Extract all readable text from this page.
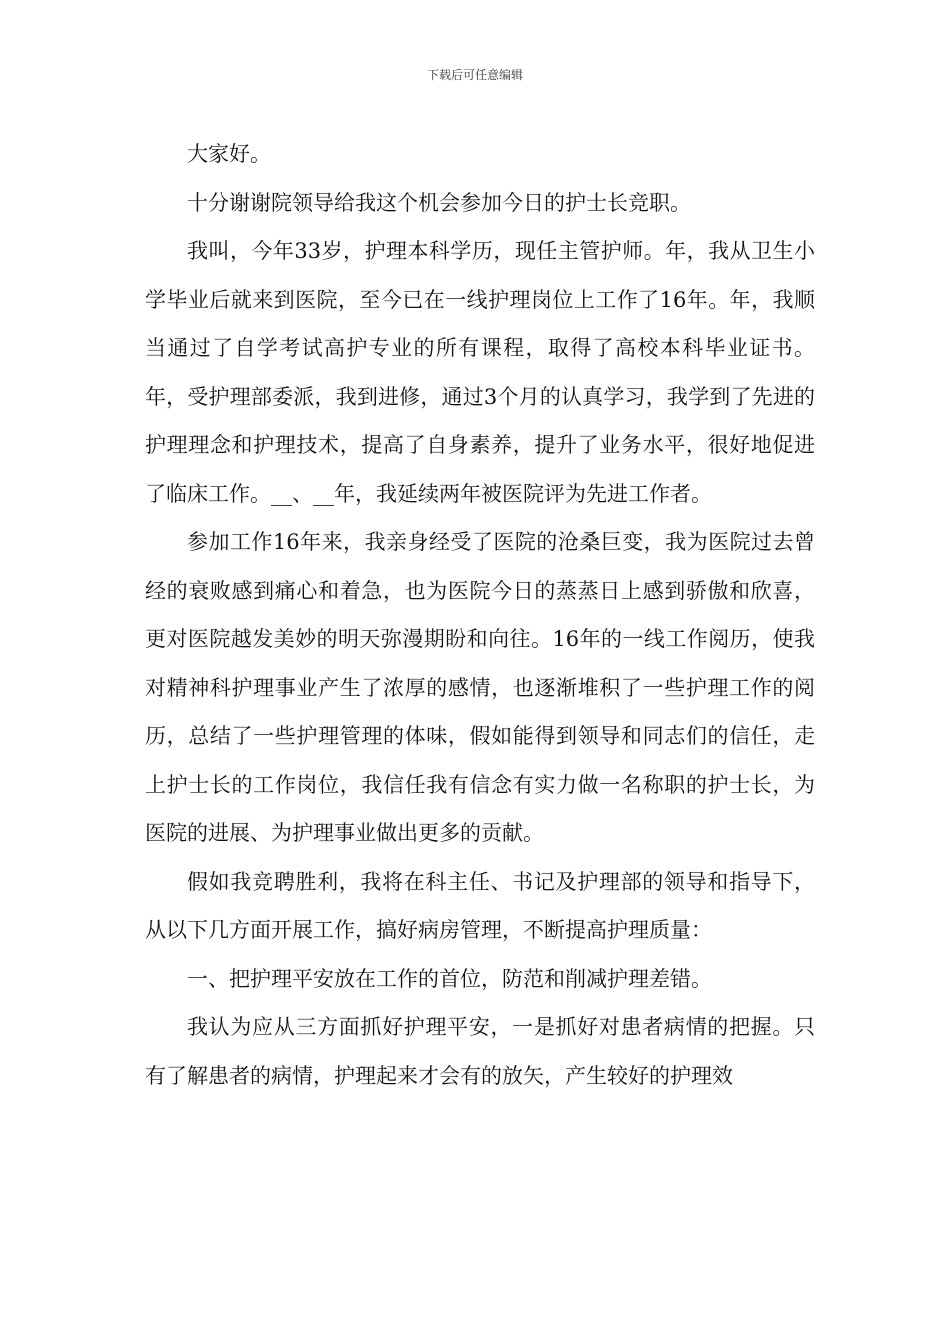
下载后可任意编辑

大家好。

十分谢谢院领导给我这个机会参加今日的护士长竞职。

我叫，今年33岁，护理本科学历，现任主管护师。年，我从卫生小学毕业后就来到医院，至今已在一线护理岗位上工作了16年。年，我顺当通过了自学考试高护专业的所有课程，取得了高校本科毕业证书。年，受护理部委派，我到进修，通过3个月的认真学习，我学到了先进的护理理念和护理技术，提高了自身素养，提升了业务水平，很好地促进了临床工作。__、__年，我延续两年被医院评为先进工作者。

参加工作16年来，我亲身经受了医院的沧桑巨变，我为医院过去曾经的衰败感到痛心和着急，也为医院今日的蒸蒸日上感到骄傲和欣喜，更对医院越发美妙的明天弥漫期盼和向往。16年的一线工作阅历，使我对精神科护理事业产生了浓厚的感情，也逐渐堆积了一些护理工作的阅历，总结了一些护理管理的体味，假如能得到领导和同志们的信任，走上护士长的工作岗位，我信任我有信念有实力做一名称职的护士长，为医院的进展、为护理事业做出更多的贡献。

假如我竞聘胜利，我将在科主任、书记及护理部的领导和指导下，从以下几方面开展工作，搞好病房管理，不断提高护理质量：

一、把护理平安放在工作的首位，防范和削减护理差错。

我认为应从三方面抓好护理平安，一是抓好对患者病情的把握。只有了解患者的病情，护理起来才会有的放矢，产生较好的护理效
